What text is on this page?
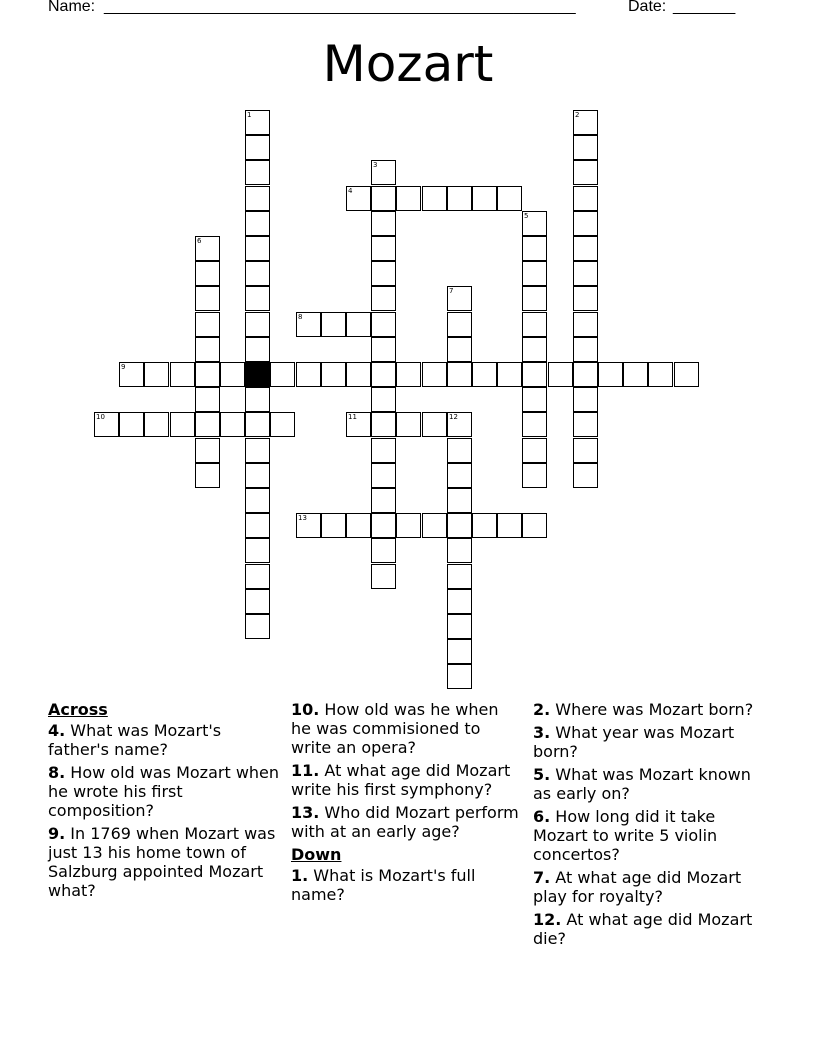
Name: _____________________________________________________	Date: _______
Mozart
1	2
3
4
5
6
7
8
9
10	11	12
13
Across
4. What was Mozart's father's name?
8. How old was Mozart when he wrote his first composition?
9. In 1769 when Mozart was just 13 his home town of Salzburg appointed Mozart what?
10. How old was he when he was commisioned to write an opera?
11. At what age did Mozart write his first symphony?
13. Who did Mozart perform with at an early age?
Down
1. What is Mozart's full name?
2. Where was Mozart born?
3. What year was Mozart born?
5. What was Mozart known as early on?
6. How long did it take Mozart to write 5 violin concertos?
7. At what age did Mozart play for royalty?
12. At what age did Mozart die?
